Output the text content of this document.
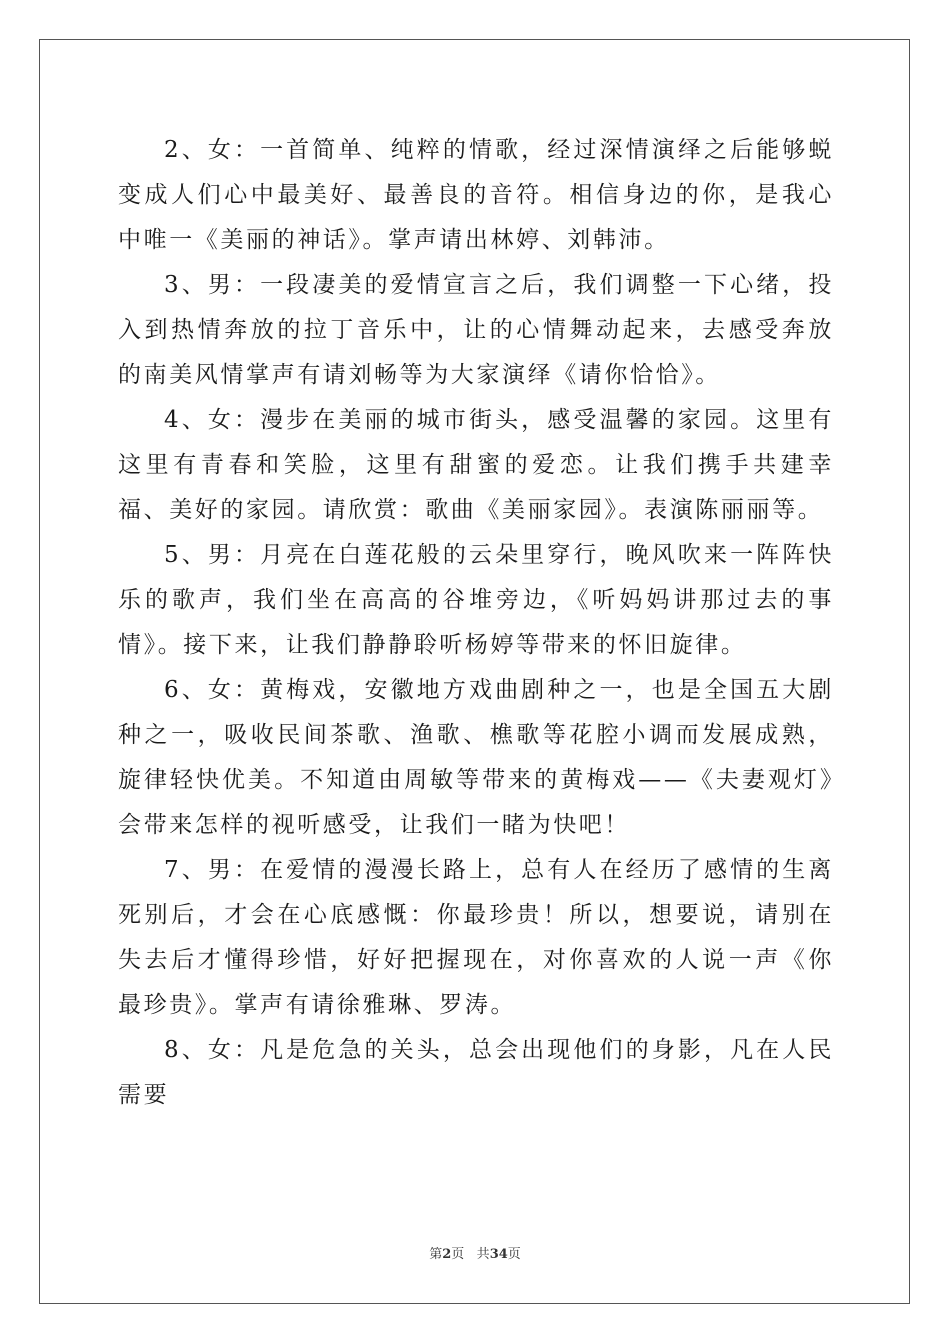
2、女：一首简单、纯粹的情歌，经过深情演绎之后能够蜕变成人们心中最美好、最善良的音符。相信身边的你，是我心中唯一《美丽的神话》。掌声请出林婷、刘韩沛。

3、男：一段凄美的爱情宣言之后，我们调整一下心绪，投入到热情奔放的拉丁音乐中，让的心情舞动起来，去感受奔放的南美风情掌声有请刘畅等为大家演绎《请你恰恰》。

4、女：漫步在美丽的城市街头，感受温馨的家园。这里有这里有青春和笑脸，这里有甜蜜的爱恋。让我们携手共建幸福、美好的家园。请欣赏：歌曲《美丽家园》。表演陈丽丽等。

5、男：月亮在白莲花般的云朵里穿行，晚风吹来一阵阵快乐的歌声，我们坐在高高的谷堆旁边，《听妈妈讲那过去的事情》。接下来，让我们静静聆听杨婷等带来的怀旧旋律。

6、女：黄梅戏，安徽地方戏曲剧种之一，也是全国五大剧种之一，吸收民间茶歌、渔歌、樵歌等花腔小调而发展成熟，旋律轻快优美。不知道由周敏等带来的黄梅戏——《夫妻观灯》会带来怎样的视听感受，让我们一睹为快吧！

7、男：在爱情的漫漫长路上，总有人在经历了感情的生离死别后，才会在心底感慨：你最珍贵！所以，想要说，请别在失去后才懂得珍惜，好好把握现在，对你喜欢的人说一声《你最珍贵》。掌声有请徐雅琳、罗涛。

8、女：凡是危急的关头，总会出现他们的身影，凡在人民需要

第2页 共34页
